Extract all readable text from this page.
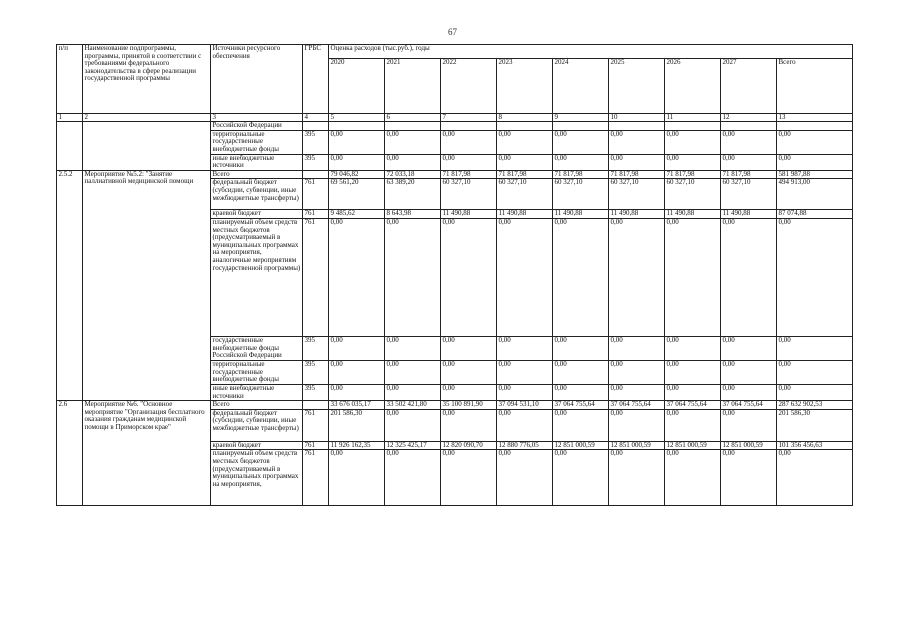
67
п/п	Наименование подпрограммы, программы, принятой в соответствии с требованиями федерального законодательства в сфере реализации государственной программы	Источники ресурсного обеспечения	ГРБС	Оценка расходов (тыс.руб.), годы								
				2020	2021	2022	2023	2024	2025	2026	2027	Всего
1	2	3	4	5	6	7	8	9	10	11	12	13
		Российской Федерации										
		территориальные государственные внебюджетные фонды	395	0,00	0,00	0,00	0,00	0,00	0,00	0,00	0,00	0,00
		иные внебюджетные источники	395	0,00	0,00	0,00	0,00	0,00	0,00	0,00	0,00	0,00
2.5.2	Мероприятие №5.2: "Занятие паллиативной медицинской помощи	Всего		79 046,82	72 033,18	71 817,98	71 817,98	71 817,98	71 817,98	71 817,98	71 817,98	581 987,88
		федеральный бюджет (субсидии, субвенции, иные межбюджетные трансферты)	761	69 561,20	63 389,20	60 327,10	60 327,10	60 327,10	60 327,10	60 327,10	60 327,10	494 913,00
		краевой бюджет	761	9 485,62	8 643,98	11 490,88	11 490,88	11 490,88	11 490,88	11 490,88	11 490,88	87 074,88
		планируемый объем средств местных бюджетов (предусматриваемый в муниципальных программах на мероприятия, аналогичные мероприятиям государственной программы)	761	0,00	0,00	0,00	0,00	0,00	0,00	0,00	0,00	0,00
		государственные внебюджетные фонды Российской Федерации	395	0,00	0,00	0,00	0,00	0,00	0,00	0,00	0,00	0,00
		территориальные государственные внебюджетные фонды	395	0,00	0,00	0,00	0,00	0,00	0,00	0,00	0,00	0,00
		иные внебюджетные источники	395	0,00	0,00	0,00	0,00	0,00	0,00	0,00	0,00	0,00
2.6	Мероприятие №6. "Основное мероприятие "Организация бесплатного оказания гражданам медицинской помощи в Приморском крае"	Всего		33 676 035,17	33 502 421,80	35 100 891,90	37 094 531,10	37 064 755,64	37 064 755,64	37 064 755,64	37 064 755,64	287 632 902,53
		федеральный бюджет (субсидии, субвенции, иные межбюджетные трансферты)	761	201 586,30	0,00	0,00	0,00	0,00	0,00	0,00	0,00	201 586,30
		краевой бюджет	761	11 926 162,35	12 325 425,17	12 820 090,70	12 880 776,05	12 851 000,59	12 851 000,59	12 851 000,59	12 851 000,59	101 356 456,63
		планируемый объем средств местных бюджетов (предусматриваемый в муниципальных программах на мероприятия,	761	0,00	0,00	0,00	0,00	0,00	0,00	0,00	0,00	0,00
